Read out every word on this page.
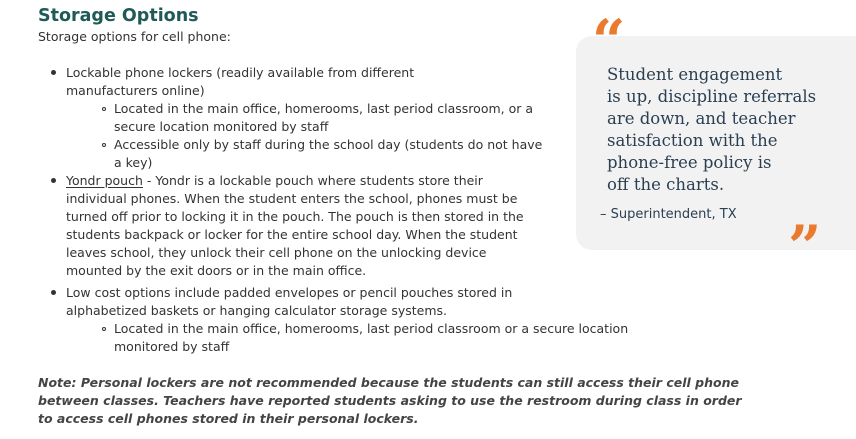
Storage Options

Storage options for cell phone:

Lockable phone lockers (readily available from different

manufacturers online)

Located in the main office, homerooms, last period classroom, or a

secure location monitored by staff

Accessible only by staff during the school day (students do not have

a key)

Yondr pouch - Yondr is a lockable pouch where students store their

individual phones. When the student enters the school, phones must be

turned off prior to locking it in the pouch. The pouch is then stored in the

students backpack or locker for the entire school day. When the student

leaves school, they unlock their cell phone on the unlocking device

mounted by the exit doors or in the main office.

Low cost options include padded envelopes or pencil pouches stored in

alphabetized baskets or hanging calculator storage systems.

Located in the main office, homerooms, last period classroom or a secure location

monitored by staff

Note: Personal lockers are not recommended because the students can still access their cell phone

between classes. Teachers have reported students asking to use the restroom during class in order

to access cell phones stored in their personal lockers.

“

Student engagement

is up, discipline referrals

are down, and teacher

satisfaction with the

phone-free policy is

off the charts.

– Superintendent, TX ”
